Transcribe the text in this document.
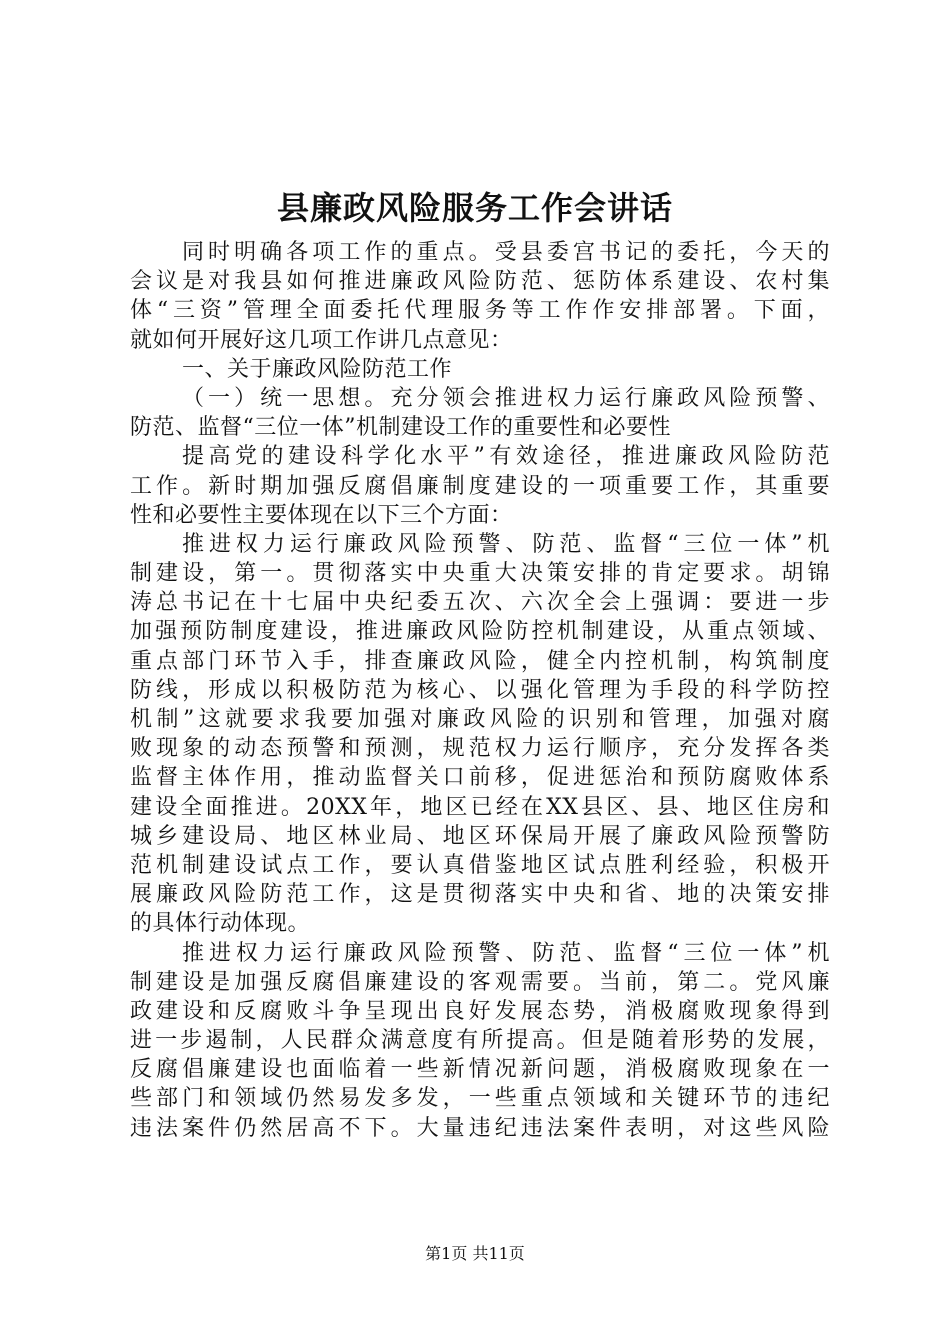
县廉政风险服务工作会讲话
同时明确各项工作的重点。受县委宫书记的委托，今天的
会议是对我县如何推进廉政风险防范、惩防体系建设、农村集
体“三资”管理全面委托代理服务等工作作安排部署。下面，
就如何开展好这几项工作讲几点意见：
一、关于廉政风险防范工作
（一）统一思想。充分领会推进权力运行廉政风险预警、
防范、监督“三位一体”机制建设工作的重要性和必要性
提高党的建设科学化水平”有效途径，推进廉政风险防范
工作。新时期加强反腐倡廉制度建设的一项重要工作，其重要
性和必要性主要体现在以下三个方面：
推进权力运行廉政风险预警、防范、监督“三位一体”机
制建设，第一。贯彻落实中央重大决策安排的肯定要求。胡锦
涛总书记在十七届中央纪委五次、六次全会上强调：要进一步
加强预防制度建设，推进廉政风险防控机制建设，从重点领域、
重点部门环节入手，排查廉政风险，健全内控机制，构筑制度
防线，形成以积极防范为核心、以强化管理为手段的科学防控
机制”这就要求我要加强对廉政风险的识别和管理，加强对腐
败现象的动态预警和预测，规范权力运行顺序，充分发挥各类
监督主体作用，推动监督关口前移，促进惩治和预防腐败体系
建设全面推进。20XX年，地区已经在XX县区、县、地区住房和
城乡建设局、地区林业局、地区环保局开展了廉政风险预警防
范机制建设试点工作，要认真借鉴地区试点胜利经验，积极开
展廉政风险防范工作，这是贯彻落实中央和省、地的决策安排
的具体行动体现。
推进权力运行廉政风险预警、防范、监督“三位一体”机
制建设是加强反腐倡廉建设的客观需要。当前，第二。党风廉
政建设和反腐败斗争呈现出良好发展态势，消极腐败现象得到
进一步遏制，人民群众满意度有所提高。但是随着形势的发展，
反腐倡廉建设也面临着一些新情况新问题，消极腐败现象在一
些部门和领域仍然易发多发，一些重点领域和关键环节的违纪
违法案件仍然居高不下。大量违纪违法案件表明，对这些风险
第1页 共11页
